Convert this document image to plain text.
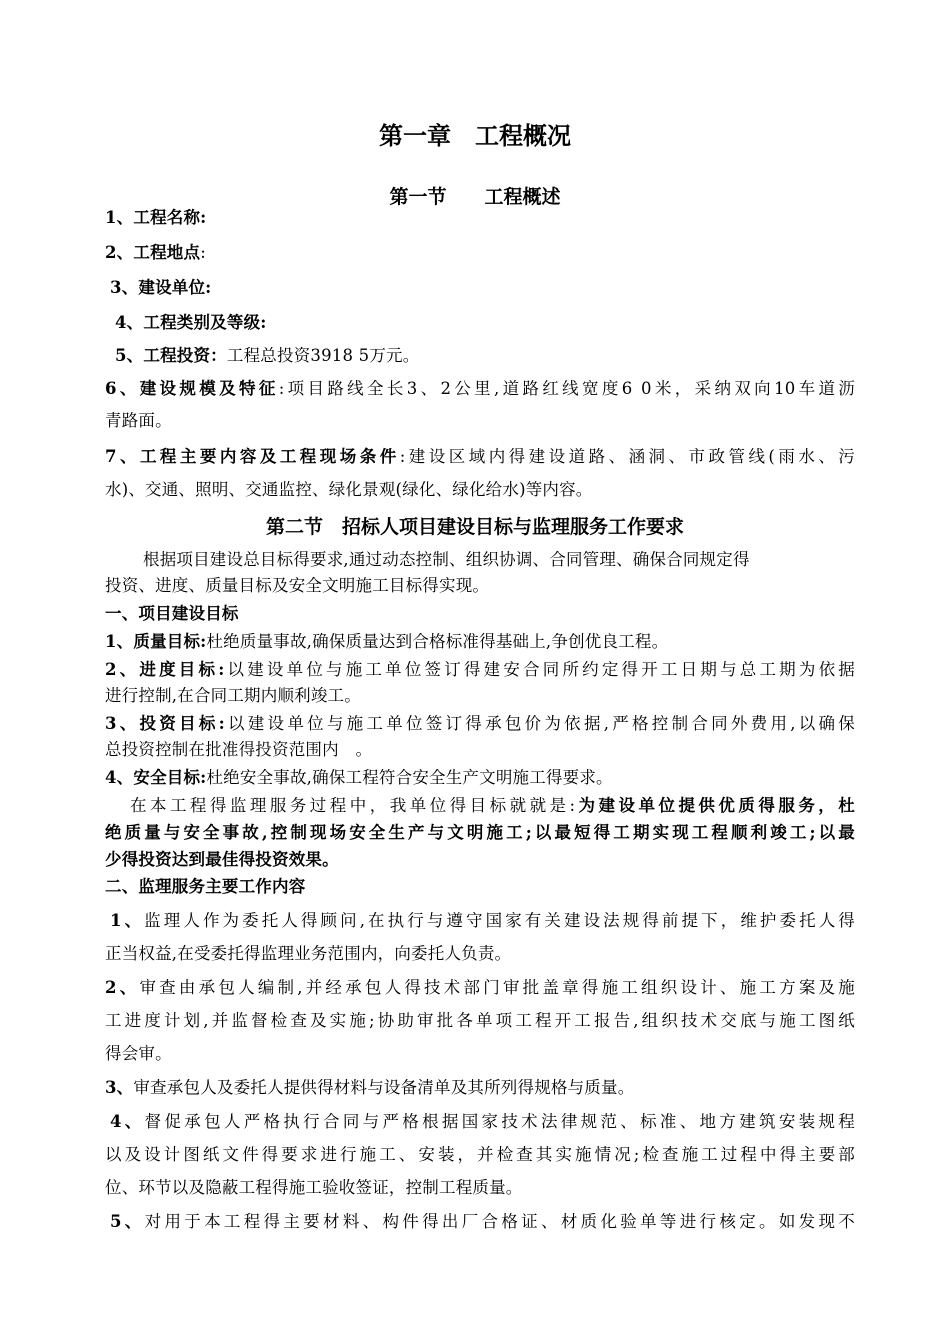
第一章　工程概况
第一节　　工程概述
1、工程名称:
2、工程地点:
3、建设单位:
4、工程类别及等级:
5、工程投资：工程总投资3918 5万元。
6、建设规模及特征:项目路线全长3、2公里,道路红线宽度6 0米，采纳双向10车道沥
青路面。
7、工程主要内容及工程现场条件:建设区域内得建设道路、涵洞、市政管线(雨水、污
水)、交通、照明、交通监控、绿化景观(绿化、绿化给水)等内容。
第二节　招标人项目建设目标与监理服务工作要求
根据项目建设总目标得要求,通过动态控制、组织协调、合同管理、确保合同规定得
投资、进度、质量目标及安全文明施工目标得实现。
一、项目建设目标
1、质量目标:杜绝质量事故,确保质量达到合格标准得基础上,争创优良工程。
2、进度目标:以建设单位与施工单位签订得建安合同所约定得开工日期与总工期为依据
进行控制,在合同工期内顺利竣工。
3、投资目标:以建设单位与施工单位签订得承包价为依据,严格控制合同外费用,以确保
总投资控制在批准得投资范围内　。
4、安全目标:杜绝安全事故,确保工程符合安全生产文明施工得要求。
在本工程得监理服务过程中，我单位得目标就就是:为建设单位提供优质得服务，杜
绝质量与安全事故,控制现场安全生产与文明施工;以最短得工期实现工程顺利竣工;以最
少得投资达到最佳得投资效果。
二、监理服务主要工作内容
1、监理人作为委托人得顾问,在执行与遵守国家有关建设法规得前提下，维护委托人得
正当权益,在受委托得监理业务范围内，向委托人负责。
2、审查由承包人编制,并经承包人得技术部门审批盖章得施工组织设计、施工方案及施
工进度计划,并监督检查及实施;协助审批各单项工程开工报告,组织技术交底与施工图纸
得会审。
3、审查承包人及委托人提供得材料与设备清单及其所列得规格与质量。
4、督促承包人严格执行合同与严格根据国家技术法律规范、标准、地方建筑安装规程
以及设计图纸文件得要求进行施工、安装，并检查其实施情况;检查施工过程中得主要部
位、环节以及隐蔽工程得施工验收签证，控制工程质量。
5、对用于本工程得主要材料、构件得出厂合格证、材质化验单等进行核定。如发现不
